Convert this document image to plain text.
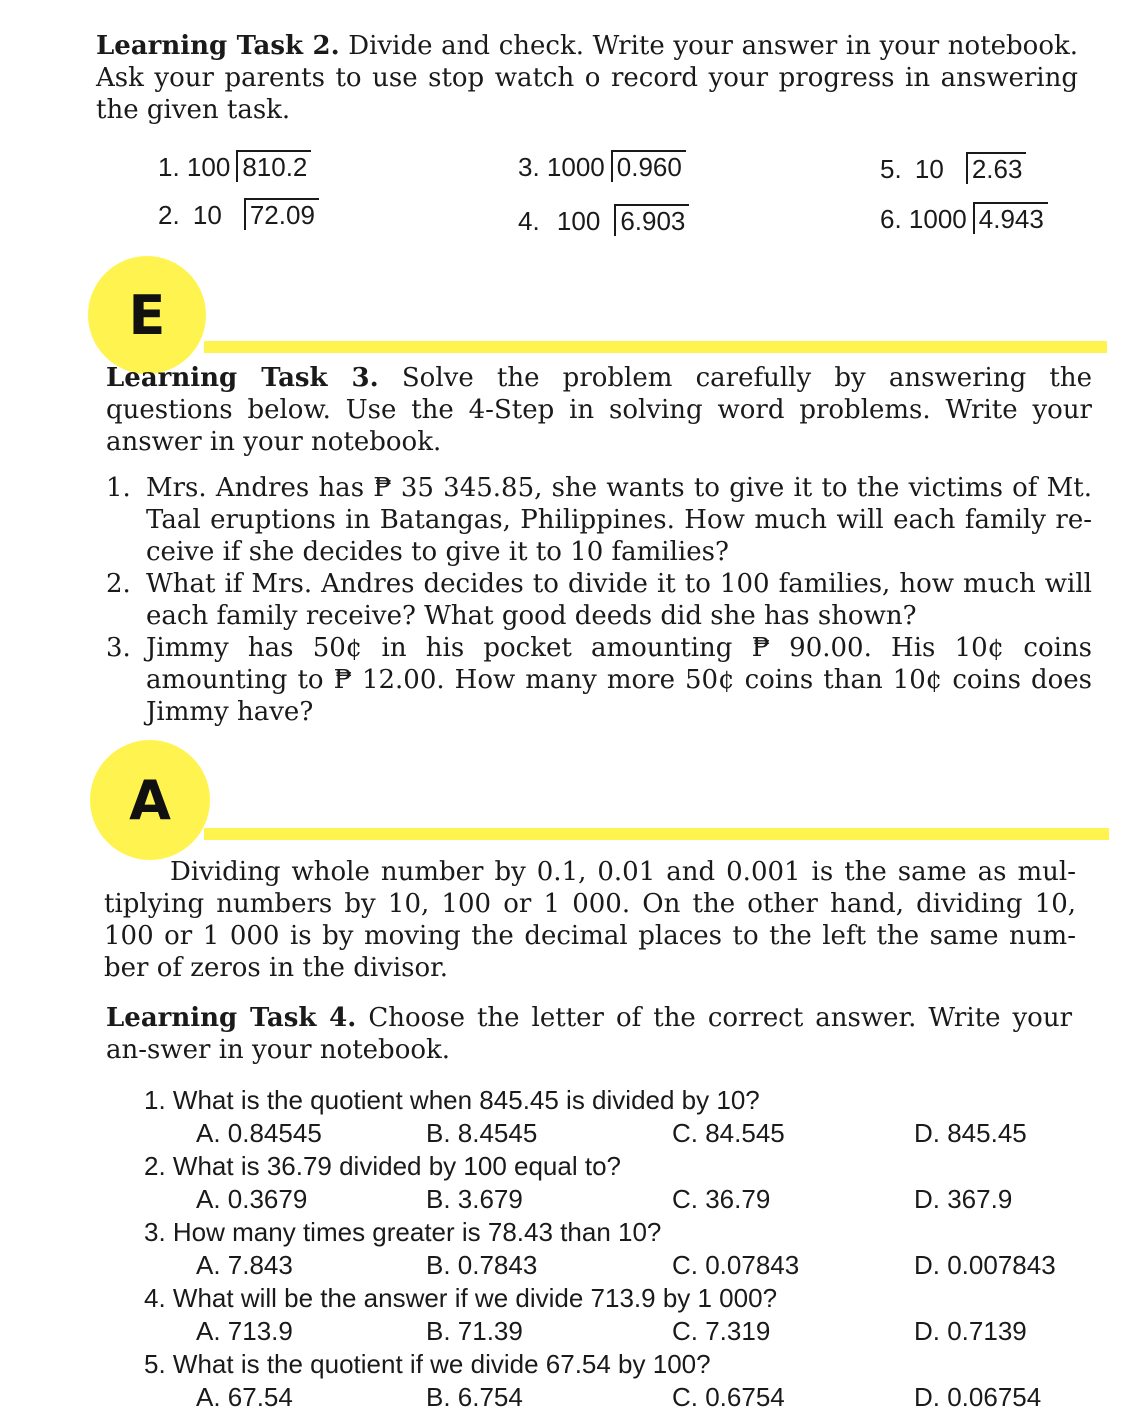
Learning Task 2. Divide and check. Write your answer in your notebook. Ask your parents to use stop watch o record your progress in answering the given task.
1. 100 810.2
2. 10 72.09
3. 1000 0.960
4. 100 6.903
5. 10 2.63
6. 1000 4.943
E
Learning Task 3. Solve the problem carefully by answering the questions below. Use the 4-Step in solving word problems. Write your answer in your notebook.
1. Mrs. Andres has ₱ 35 345.85, she wants to give it to the victims of Mt. Taal eruptions in Batangas, Philippines. How much will each family re-ceive if she decides to give it to 10 families?
2. What if Mrs. Andres decides to divide it to 100 families, how much will each family receive? What good deeds did she has shown?
3. Jimmy has 50¢ in his pocket amounting ₱ 90.00. His 10¢ coins amounting to ₱ 12.00. How many more 50¢ coins than 10¢ coins does Jimmy have?
A
Dividing whole number by 0.1, 0.01 and 0.001 is the same as mul-tiplying numbers by 10, 100 or 1 000. On the other hand, dividing 10, 100 or 1 000 is by moving the decimal places to the left the same num-ber of zeros in the divisor.
Learning Task 4. Choose the letter of the correct answer. Write your an-swer in your notebook.
1. What is the quotient when 845.45 is divided by 10?
A. 0.84545	B. 8.4545	C. 84.545	D. 845.45
2. What is 36.79 divided by 100 equal to?
A. 0.3679	B. 3.679	C. 36.79	D. 367.9
3. How many times greater is 78.43 than 10?
A. 7.843	B. 0.7843	C. 0.07843	D. 0.007843
4. What will be the answer if we divide 713.9 by 1 000?
A. 713.9	B. 71.39	C. 7.319	D. 0.7139
5. What is the quotient if we divide 67.54 by 100?
A. 67.54	B. 6.754	C. 0.6754	D. 0.06754
